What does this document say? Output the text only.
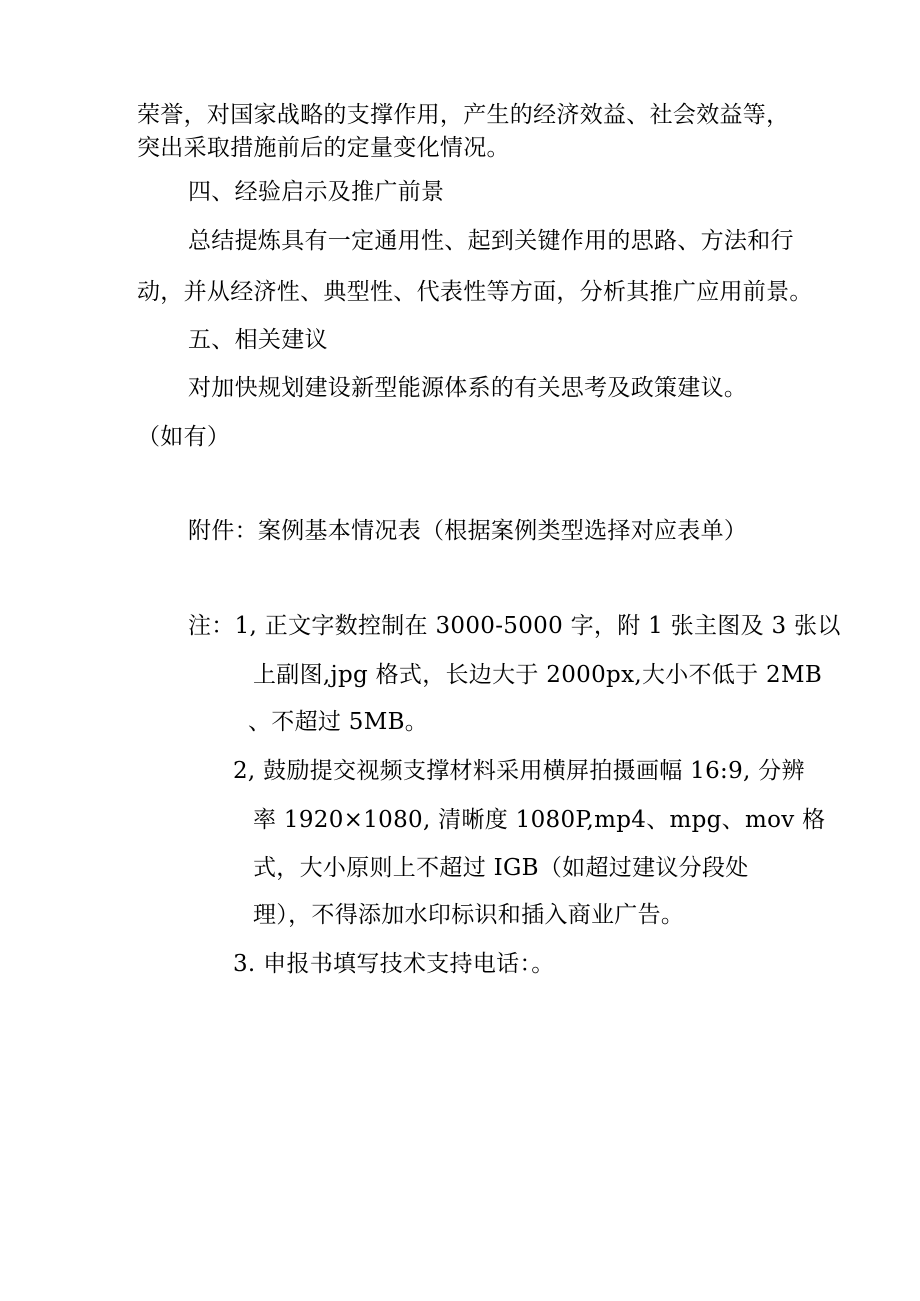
荣誉，对国家战略的支撑作用，产生的经济效益、社会效益等，
突出采取措施前后的定量变化情况。
四、经验启示及推广前景
总结提炼具有一定通用性、起到关键作用的思路、方法和行
动，并从经济性、典型性、代表性等方面，分析其推广应用前景。
五、相关建议
对加快规划建设新型能源体系的有关思考及政策建议。
（如有）
附件：案例基本情况表（根据案例类型选择对应表单）
注：1, 正文字数控制在 3000-5000 字，附 1 张主图及 3 张以
上副图,jpg 格式，长边大于 2000px,大小不低于 2MB
、不超过 5MB。
2, 鼓励提交视频支撑材料采用横屏拍摄画幅 16:9, 分辨
率 1920×1080, 清晰度 1080P,mp4、mpg、mov 格
式，大小原则上不超过 IGB（如超过建议分段处
理），不得添加水印标识和插入商业广告。
3. 申报书填写技术支持电话：。
